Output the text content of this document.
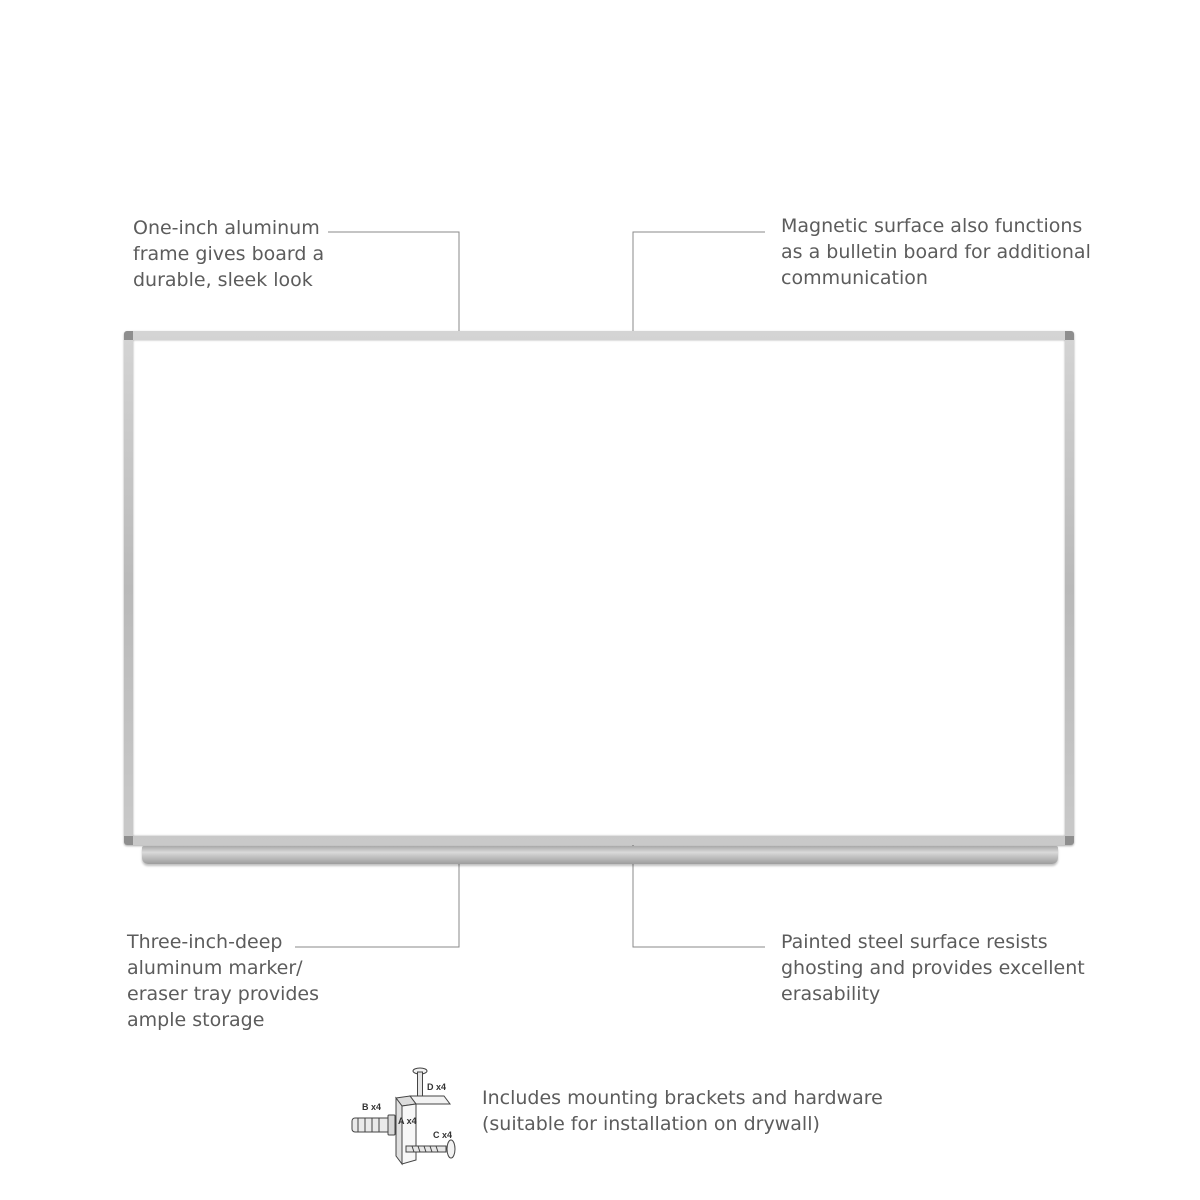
One-inch aluminum
frame gives board a
durable, sleek look
Magnetic surface also functions
as a bulletin board for additional
communication
Three-inch-deep
aluminum marker/
eraser tray provides
ample storage
Painted steel surface resists
ghosting and provides excellent
erasability
Includes mounting brackets and hardware
(suitable for installation on drywall)
D x4
B x4
A x4
C x4
